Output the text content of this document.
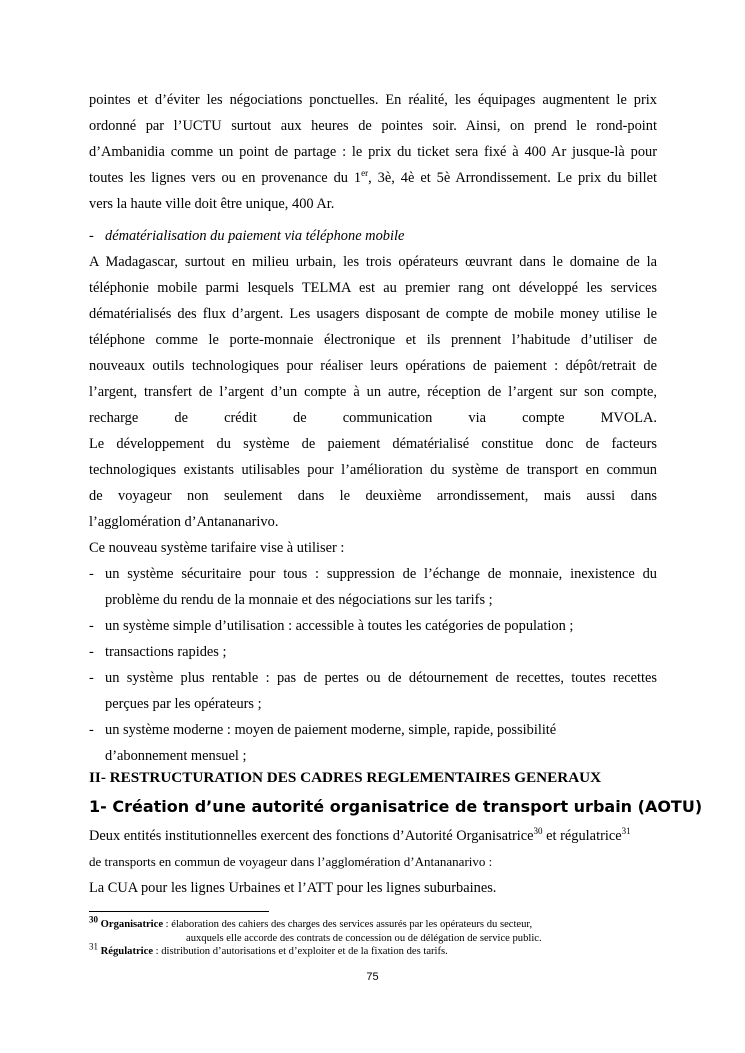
pointes et d’éviter les négociations ponctuelles. En réalité, les équipages augmentent le prix
ordonné par l’UCTU surtout aux heures de pointes soir. Ainsi, on prend le rond-point
d’Ambanidia comme un point de partage : le prix du ticket sera fixé à 400 Ar jusque-là pour
toutes les lignes vers ou en provenance du 1er, 3è, 4è et 5è Arrondissement. Le prix du billet
vers la haute ville doit être unique, 400 Ar.
- dématérialisation du paiement via téléphone mobile
A Madagascar, surtout en milieu urbain, les trois opérateurs œuvrant dans le domaine de la
téléphonie mobile parmi lesquels TELMA est au premier rang ont développé les services
dématérialisés des flux d’argent. Les usagers disposant de compte de mobile money utilise le
téléphone comme le porte-monnaie électronique et ils prennent l’habitude d’utiliser de
nouveaux outils technologiques pour réaliser leurs opérations de paiement : dépôt/retrait de
l’argent, transfert de l’argent d’un compte à un autre, réception de l’argent sur son compte,
recharge de crédit de communication via compte MVOLA.
Le développement du système de paiement dématérialisé constitue donc de facteurs
technologiques existants utilisables pour l’amélioration du système de transport en commun
de voyageur non seulement dans le deuxième arrondissement, mais aussi dans
l’agglomération d’Antananarivo.
Ce nouveau système tarifaire vise à utiliser :
- un système sécuritaire pour tous : suppression de l’échange de monnaie, inexistence du
problème du rendu de la monnaie et des négociations sur les tarifs ;
- un système simple d’utilisation : accessible à toutes les catégories de population ;
- transactions rapides ;
- un système plus rentable : pas de pertes ou de détournement de recettes, toutes recettes
perçues par les opérateurs ;
- un système moderne : moyen de paiement moderne, simple, rapide, possibilité
d’abonnement mensuel ;
II- RESTRUCTURATION DES CADRES REGLEMENTAIRES GENERAUX
1- Création d’une autorité organisatrice de transport urbain (AOTU)
Deux entités institutionnelles exercent des fonctions d’Autorité Organisatrice$^{30}$ et régulatrice$^{31}$
de transports en commun de voyageur dans l’agglomération d’Antananarivo :
La CUA pour les lignes Urbaines et l’ATT pour les lignes suburbaines.
$^{30}$ Organisatrice : élaboration des cahiers des charges des services assurés par les opérateurs du secteur,
auxquels elle accorde des contrats de concession ou de délégation de service public.
$^{31}$ Régulatrice : distribution d’autorisations et d’exploiter et de la fixation des tarifs.
75
